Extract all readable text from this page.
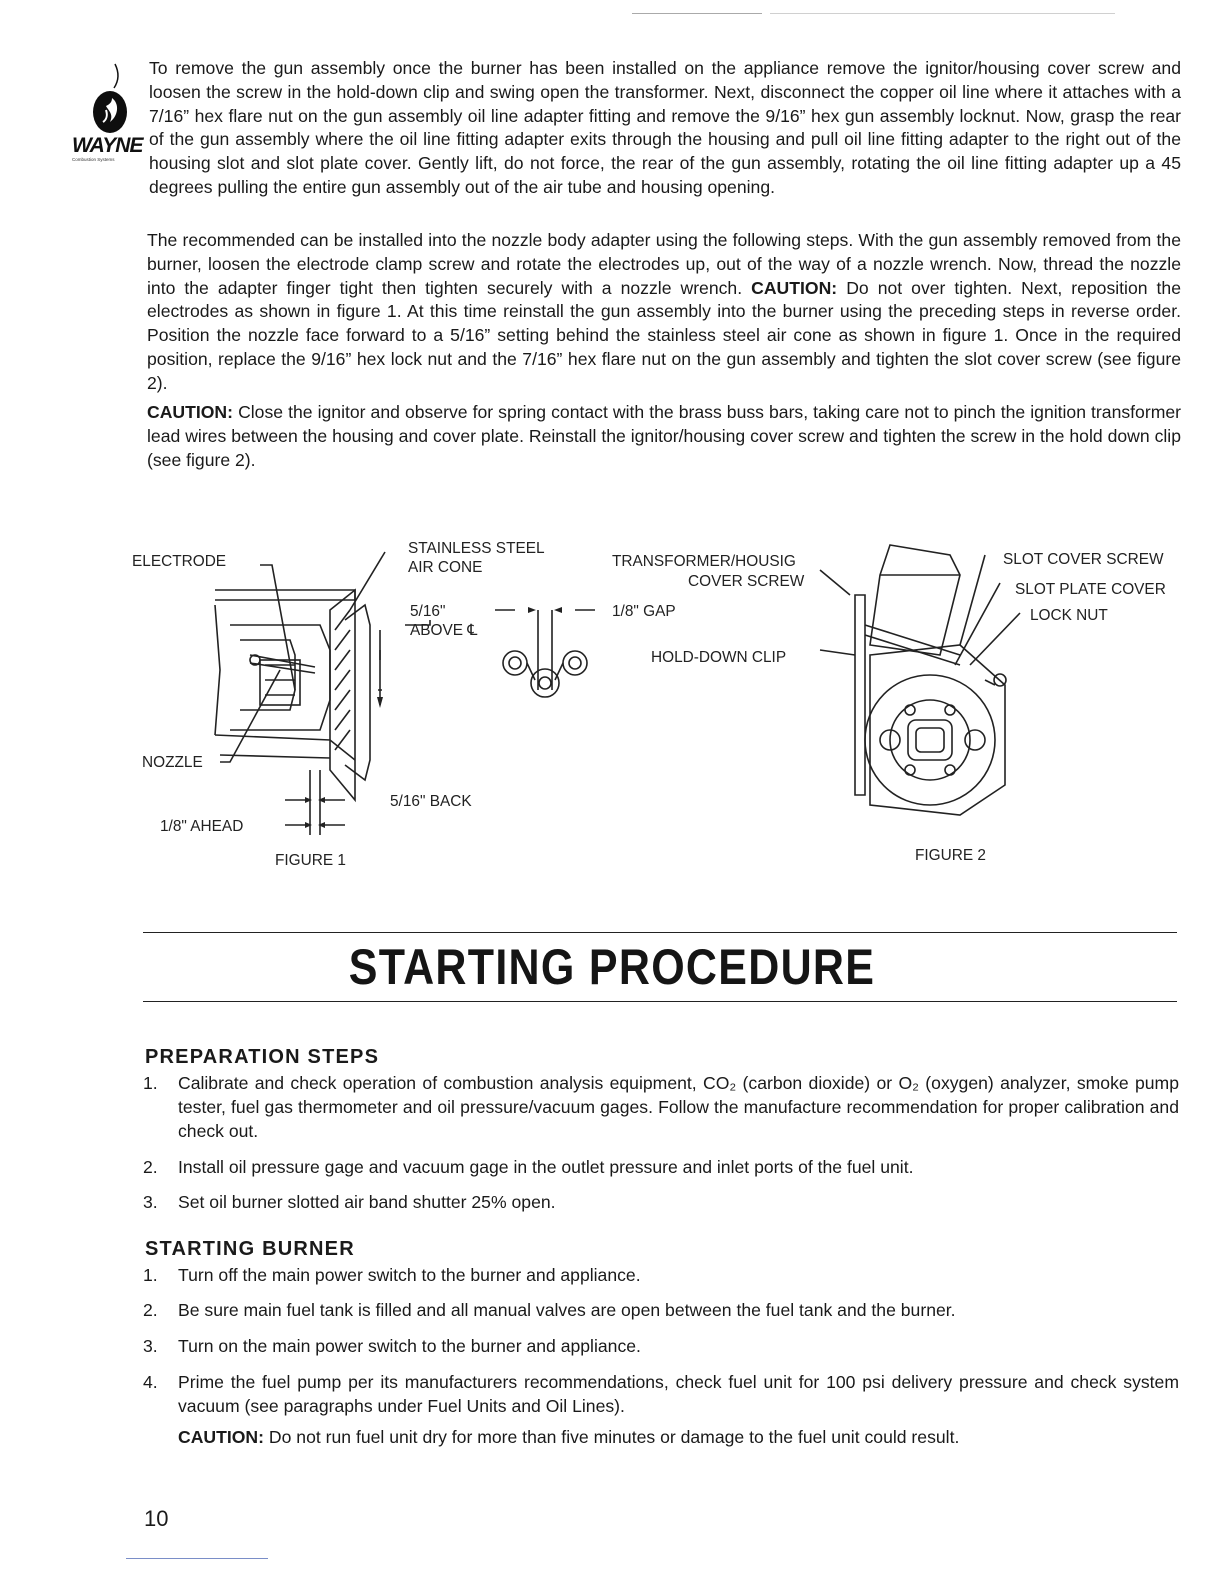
WAYNE
Combustion Systems

To remove the gun assembly once the burner has been installed on the appliance remove the ignitor/housing cover screw and loosen the screw in the hold-down clip and swing open the transformer. Next, disconnect the copper oil line where it attaches with a 7/16” hex flare nut on the gun assembly oil line adapter fitting and remove the 9/16” hex gun assembly locknut. Now, grasp the rear of the gun assembly where the oil line fitting adapter exits through the housing and pull oil line fitting adapter to the right out of the housing slot and slot plate cover. Gently lift, do not force, the rear of the gun assembly, rotating the oil line fitting adapter up a 45 degrees pulling the entire gun assembly out of the air tube and housing opening.

The recommended can be installed into the nozzle body adapter using the following steps. With the gun assembly removed from the burner, loosen the electrode clamp screw and rotate the electrodes up, out of the way of a nozzle wrench. Now, thread the nozzle into the adapter finger tight then tighten securely with a nozzle wrench. CAUTION: Do not over tighten. Next, reposition the electrodes as shown in figure 1. At this time reinstall the gun assembly into the burner using the preceding steps in reverse order. Position the nozzle face forward to a 5/16” setting behind the stainless steel air cone as shown in figure 1. Once in the required position, replace the 9/16” hex lock nut and the 7/16” hex flare nut on the gun assembly and tighten the slot cover screw (see figure 2).

CAUTION: Close the ignitor and observe for spring contact with the brass buss bars, taking care not to pinch the ignition transformer lead wires between the housing and cover plate. Reinstall the ignitor/housing cover screw and tighten the screw in the hold down clip (see figure 2).

ELECTRODE
STAINLESS STEEL
AIR CONE
5/16"
ABOVE ℄
1/8" GAP
NOZZLE
5/16" BACK
1/8" AHEAD
FIGURE 1
TRANSFORMER/HOUSIG
COVER SCREW
HOLD-DOWN CLIP
SLOT COVER SCREW
SLOT PLATE COVER
LOCK NUT
FIGURE 2
STARTING PROCEDURE
PREPARATION STEPS
1. Calibrate and check operation of combustion analysis equipment, CO₂ (carbon dioxide) or O₂ (oxygen) analyzer, smoke pump tester, fuel gas thermometer and oil pressure/vacuum gages. Follow the manufacture recommendation for proper calibration and check out.
2. Install oil pressure gage and vacuum gage in the outlet pressure and inlet ports of the fuel unit.
3. Set oil burner slotted air band shutter 25% open.
STARTING BURNER
1. Turn off the main power switch to the burner and appliance.
2. Be sure main fuel tank is filled and all manual valves are open between the fuel tank and the burner.
3. Turn on the main power switch to the burner and appliance.
4. Prime the fuel pump per its manufacturers recommendations, check fuel unit for 100 psi delivery pressure and check system vacuum (see paragraphs under Fuel Units and Oil Lines).
CAUTION: Do not run fuel unit dry for more than five minutes or damage to the fuel unit could result.
10
